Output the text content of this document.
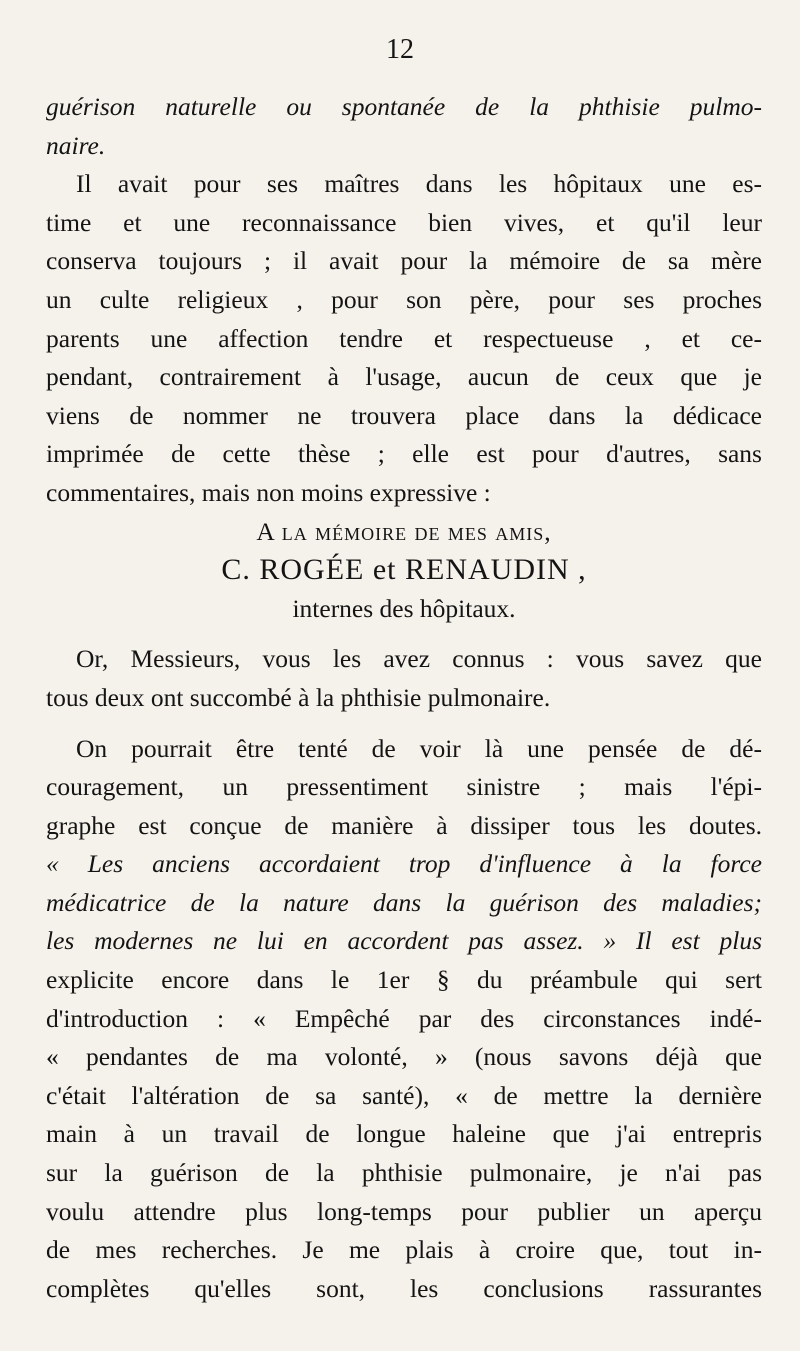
12
guérison naturelle ou spontanée de la phthisie pulmo-
naire.
Il avait pour ses maîtres dans les hôpitaux une es-
time et une reconnaissance bien vives, et qu'il leur
conserva toujours ; il avait pour la mémoire de sa mère
un culte religieux , pour son père, pour ses proches
parents une affection tendre et respectueuse , et ce-
pendant, contrairement à l'usage, aucun de ceux que je
viens de nommer ne trouvera place dans la dédicace
imprimée de cette thèse ; elle est pour d'autres, sans
commentaires, mais non moins expressive :
A la mémoire de mes amis,
C. ROGÉE et RENAUDIN ,
internes des hôpitaux.
Or, Messieurs, vous les avez connus : vous savez que
tous deux ont succombé à la phthisie pulmonaire.
On pourrait être tenté de voir là une pensée de dé-
couragement, un pressentiment sinistre ; mais l'épi-
graphe est conçue de manière à dissiper tous les doutes.
« Les anciens accordaient trop d'influence à la force
médicatrice de la nature dans la guérison des maladies;
les modernes ne lui en accordent pas assez. » Il est plus
explicite encore dans le 1er § du préambule qui sert
d'introduction : « Empêché par des circonstances indé-
« pendantes de ma volonté, » (nous savons déjà que
c'était l'altération de sa santé), « de mettre la dernière
main à un travail de longue haleine que j'ai entrepris
sur la guérison de la phthisie pulmonaire, je n'ai pas
voulu attendre plus long-temps pour publier un aperçu
de mes recherches. Je me plais à croire que, tout in-
complètes qu'elles sont, les conclusions rassurantes
